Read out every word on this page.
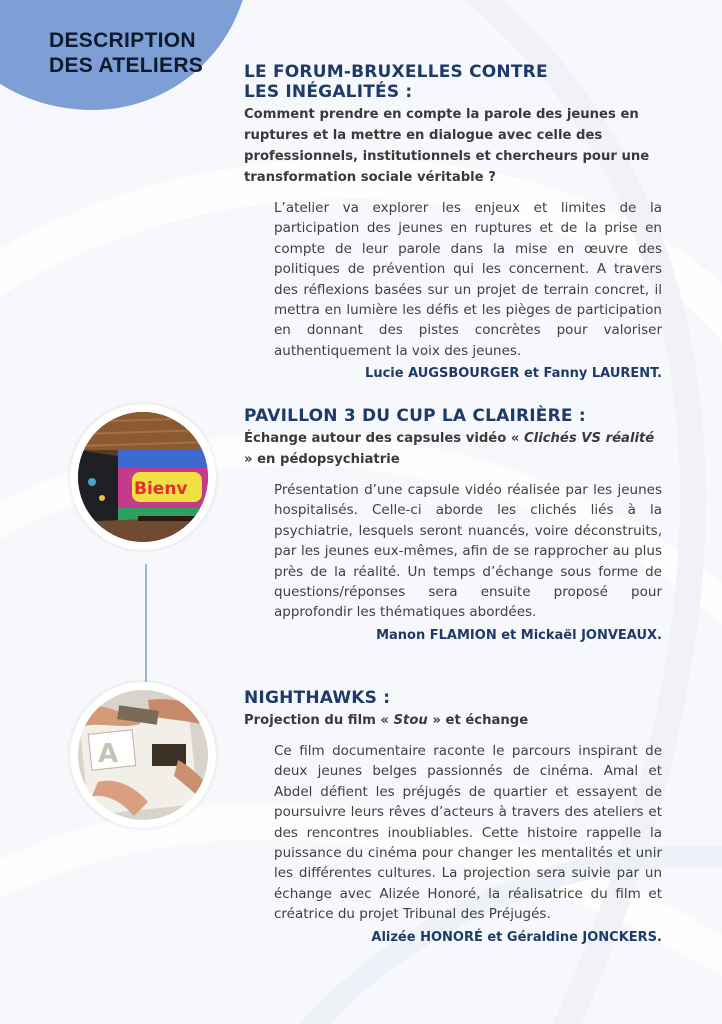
DESCRIPTION
DES ATELIERS LE FORUM-BRUXELLES CONTRE
LES INÉGALITÉS :

Comment prendre en compte la parole des jeunes en ruptures et la mettre en dialogue avec celle des professionnels, institutionnels et chercheurs pour une transformation sociale véritable ?

L’atelier va explorer les enjeux et limites de la participation des jeunes en ruptures et de la prise en compte de leur parole dans la mise en œuvre des politiques de prévention qui les concernent. A travers des réflexions basées sur un projet de terrain concret, il mettra en lumière les défis et les pièges de participation en donnant des pistes concrètes pour valoriser authentiquement la voix des jeunes.

Lucie AUGSBOURGER et Fanny LAURENT.

PAVILLON 3 DU CUP LA CLAIRIÈRE :

Échange autour des capsules vidéo « Clichés VS réalité » en pédopsychiatrie

Présentation d’une capsule vidéo réalisée par les jeunes hospitalisés. Celle-ci aborde les clichés liés à la psychiatrie, lesquels seront nuancés, voire déconstruits, par les jeunes eux-mêmes, afin de se rapprocher au plus près de la réalité. Un temps d’échange sous forme de questions/réponses sera ensuite proposé pour approfondir les thématiques abordées.

Manon FLAMION et Mickaël JONVEAUX.

NIGHTHAWKS :

Projection du film « Stou » et échange

Ce film documentaire raconte le parcours inspirant de deux jeunes belges passionnés de cinéma. Amal et Abdel défient les préjugés de quartier et essayent de poursuivre leurs rêves d’acteurs à travers des ateliers et des rencontres inoubliables. Cette histoire rappelle la puissance du cinéma pour changer les mentalités et unir les différentes cultures. La projection sera suivie par un échange avec Alizée Honoré, la réalisatrice du film et créatrice du projet Tribunal des Préjugés.

Alizée HONORÉ et Géraldine JONCKERS.

Bienv
A
